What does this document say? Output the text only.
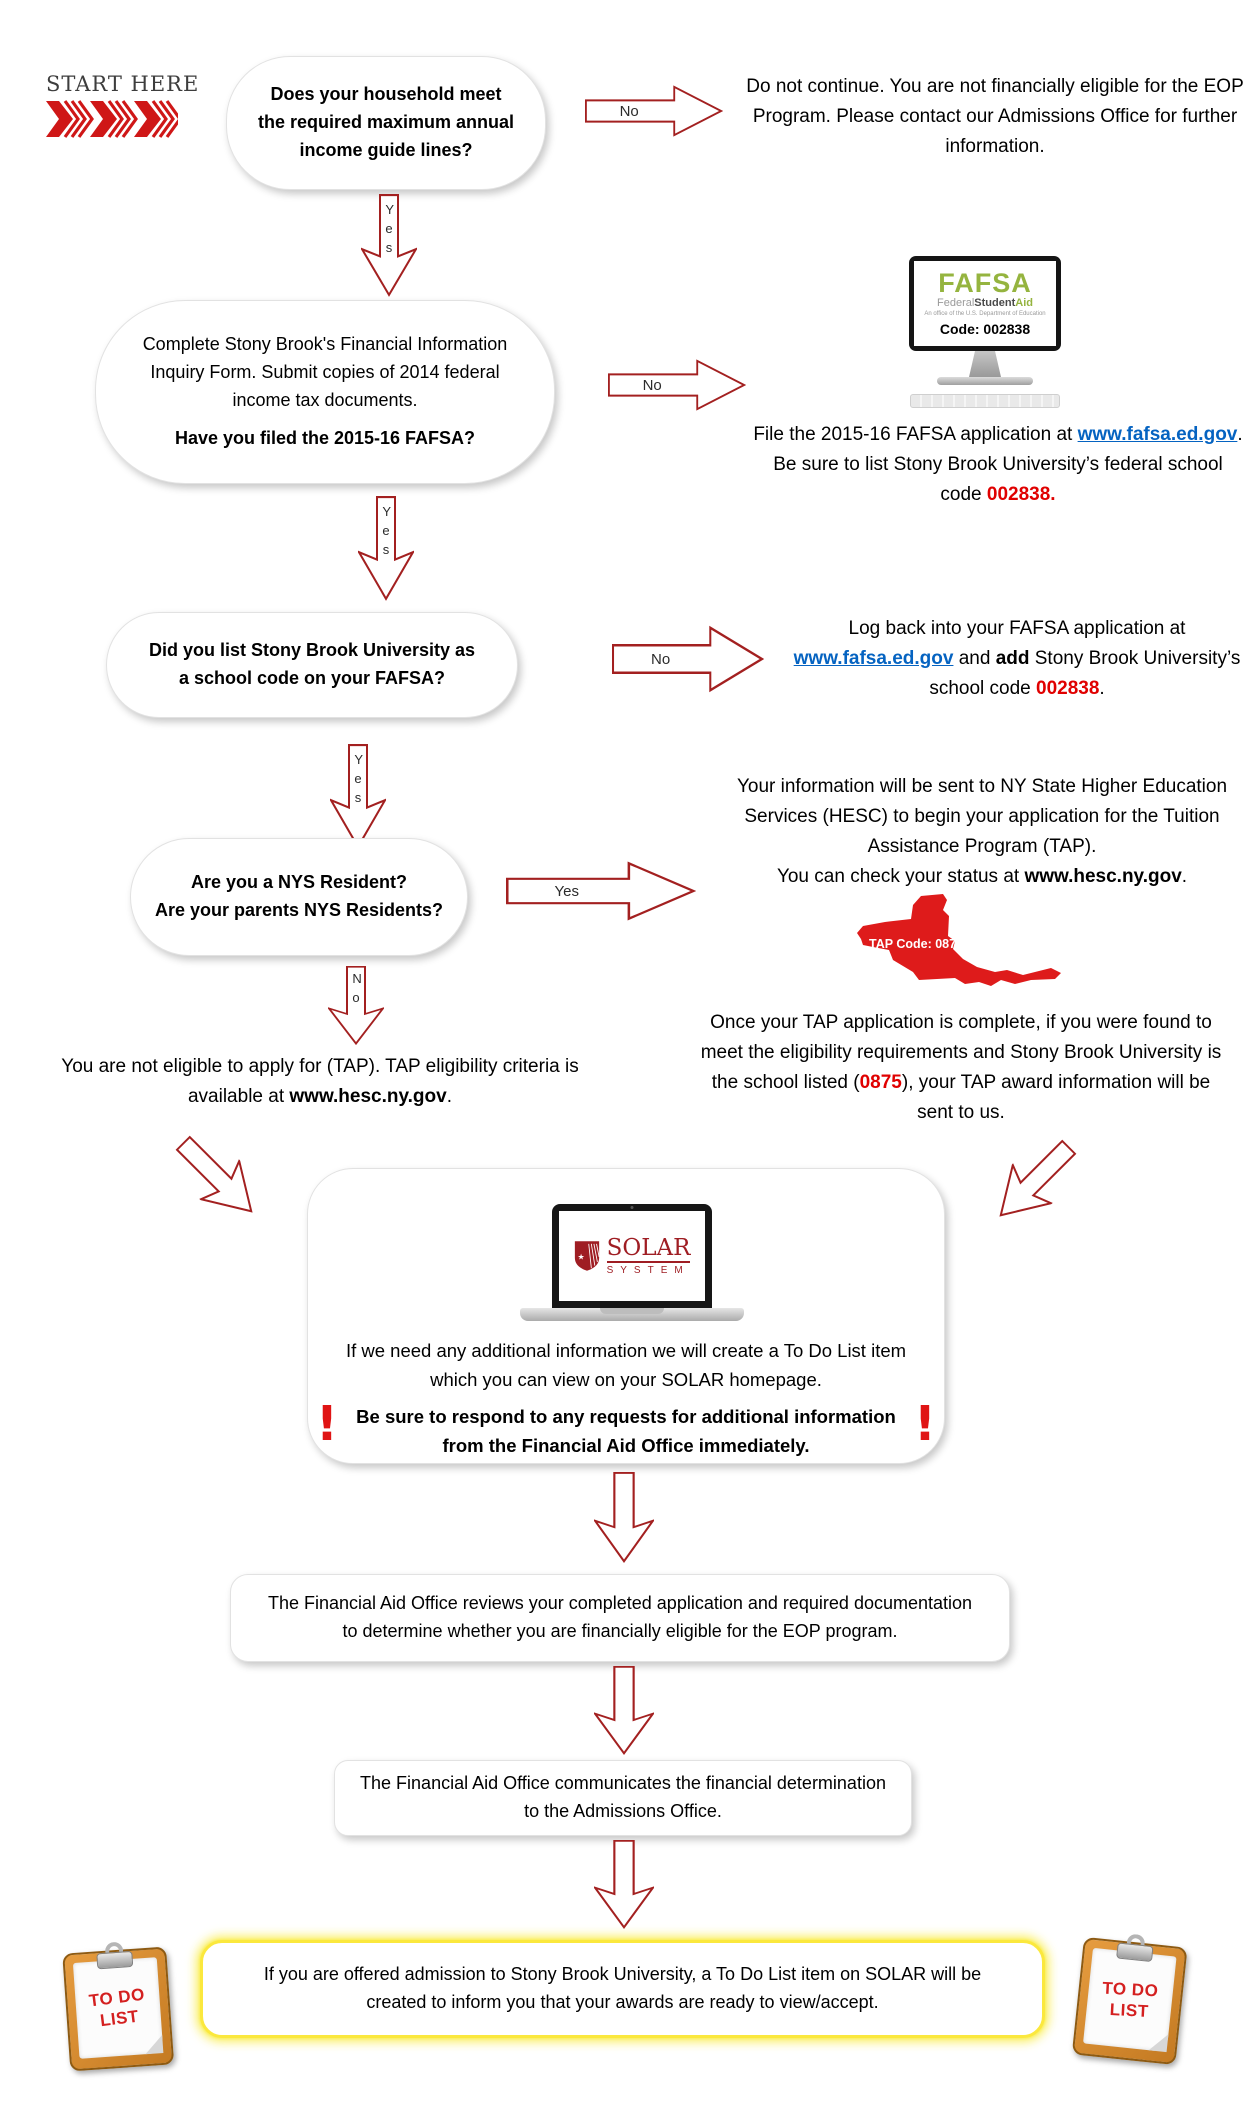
START HERE	Does your household meet the required maximum annual income guide lines?
No
Do not continue. You are not financially eligible for the EOP Program. Please contact our Admissions Office for further information.
Yes
Complete Stony Brook's Financial Information Inquiry Form. Submit copies of 2014 federal income tax documents.
Have you filed the 2015-16 FAFSA?
No
FAFSA
FederalStudentAid
An office of the U.S. Department of Education
Code: 002838
File the 2015-16 FAFSA application at www.fafsa.ed.gov. Be sure to list Stony Brook University’s federal school code 002838.
Yes
Did you list Stony Brook University as a school code on your FAFSA?
No
Log back into your FAFSA application at www.fafsa.ed.gov and add Stony Brook University’s school code 002838.
Yes
Are you a NYS Resident?
Are your parents NYS Residents?
Yes
Your information will be sent to NY State Higher Education Services (HESC) to begin your application for the Tuition Assistance Program (TAP).
You can check your status at www.hesc.ny.gov.
TAP Code: 0875
No
You are not eligible to apply for (TAP). TAP eligibility criteria is available at www.hesc.ny.gov.
Once your TAP application is complete, if you were found to meet the eligibility requirements and Stony Brook University is the school listed (0875), your TAP award information will be sent to us.
★ SOLAR
SYSTEM
If we need any additional information we will create a To Do List item which you can view on your SOLAR homepage.
!	!
Be sure to respond to any requests for additional information from the Financial Aid Office immediately.
The Financial Aid Office reviews your completed application and required documentation to determine whether you are financially eligible for the EOP program.
The Financial Aid Office communicates the financial determination to the Admissions Office.
If you are offered admission to Stony Brook University, a To Do List item on SOLAR will be created to inform you that your awards are ready to view/accept.
TO DO
LIST
TO DO
LIST
